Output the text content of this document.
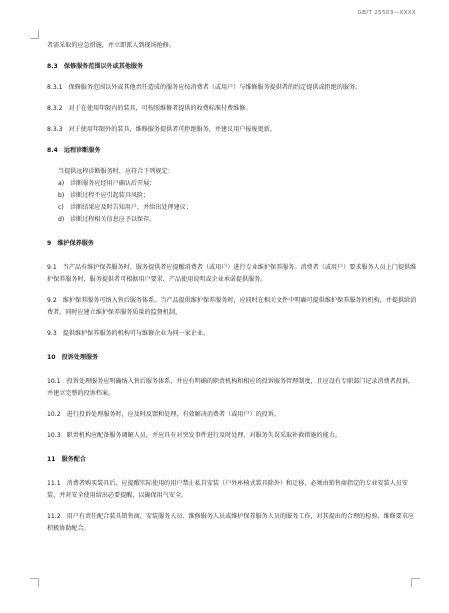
GB/T 25503—XXXX

者需采取的应急措施，并立即派人到现场抢修。

8.3　保修服务范围以外或其他服务

8.3.1　保修服务范围以外或其他责任造成的服务应按消费者（或用户）与维修服务提供者的约定提供或拒绝的服务。

8.3.2　对于在使用年限内的装具，可按照维修者提供的收费标准付费维修。

8.3.3　对于使用年限外的装具，维修服务提供者可拒绝服务，并建议用户报废更新。

8.4　远程诊断服务

当提供远程诊断服务时，应符合下列规定：

a) 诊断服务应经用户确认后开展；
b) 诊断过程不应引起装具风险；
c)	诊断结果应及时告知用户，并给出处理建议；
d) 诊断过程相关信息应予以保存。

9　维护保养服务

9.1　当产品有维护保养服务时，服务提供者应提醒消费者（或用户）进行专业维护保养服务。消费者（或用户）要求服务人员上门提供维护保养服务时，服务提供者可根据用户要求、产品使用说明或企业承诺提供服务。

9.2　维护保养服务可纳入售后服务体系。当产品提供维护保养服务时，应同时在相关文件中明确可提供维护保养服务的机构，并提供给消费者。同时应建立维护保养服务质量的监督机制。

9.3　提供维护保养服务的机构可与维修企业为同一家企业。

10　投诉处理服务

10.1　投诉处理服务应明确纳入售后服务体系，并应有明确的职责机构和相应的投诉服务管理制度，且应设有专职部门记录消费者投诉，并建立完整的投诉档案。

10.2　进行投诉处理服务时，应及时反馈和处理，有效解决消费者（或用户）的投诉。

10.3　职责机构应配备服务调解人员，并应具有对突发事件进行及时处理、对服务失误采取补救措施的能力。

11　服务配合

11.1　消费者购买装具后，应提醒实际使用的用户禁止私自安装（户外座椅式装具除外）和迁移，必须由销售商指定的专业安装人员安装，并对安全使用给出必要提醒，以确保用气安全。

11.2　用户有责任配合装具销售商、安装服务人员、维修服务人员或维护保养服务人员的服务工作，对其提出的合理的检验、维修要求应积极协助配合。
